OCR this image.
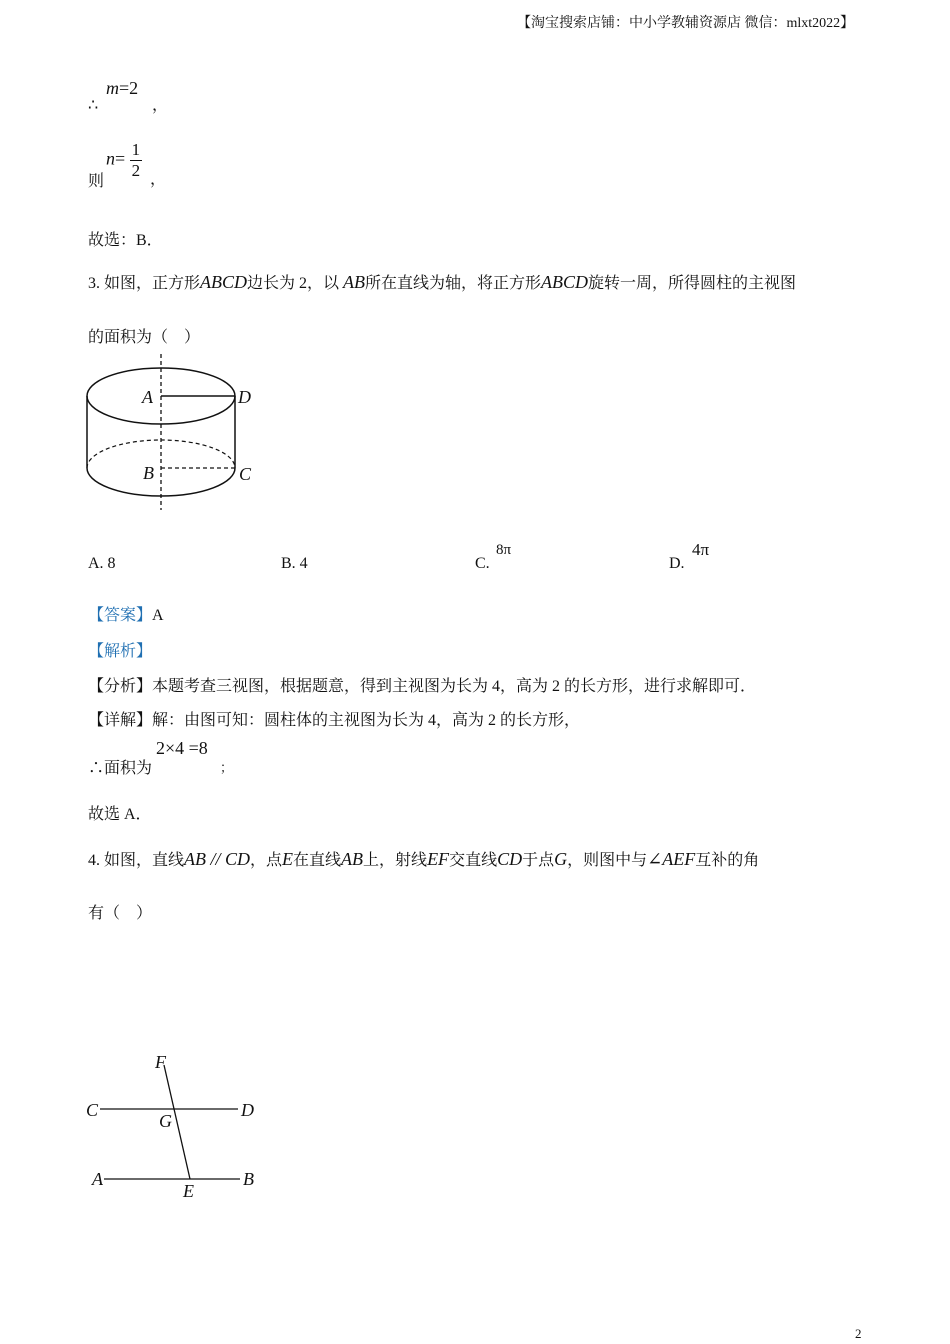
【淘宝搜索店铺：中小学教辅资源店 微信：mlxt2022】
∴
m=2
，
则
$n= \frac{1}{2}$ ，
故选：B．
3. 如图，正方形ABCD边长为 2，以 AB所在直线为轴，将正方形ABCD旋转一周，所得圆柱的主视图
的面积为（　）
A	D
B	C
A. 8	B. 4	C.
8π
D.
4π
【答案】A
【解析】
【分析】本题考查三视图，根据题意，得到主视图为长为 4，高为 2 的长方形，进行求解即可．
【详解】解：由图可知：圆柱体的主视图为长为 4，高为 2 的长方形，
∴面积为
2×4 =8
；
故选 A．
4. 如图，直线AB // CD，点E在直线AB上，射线EF交直线CD于点G，则图中与∠AEF互补的角
有（　）
F
C
G
D
A
E
B
2
